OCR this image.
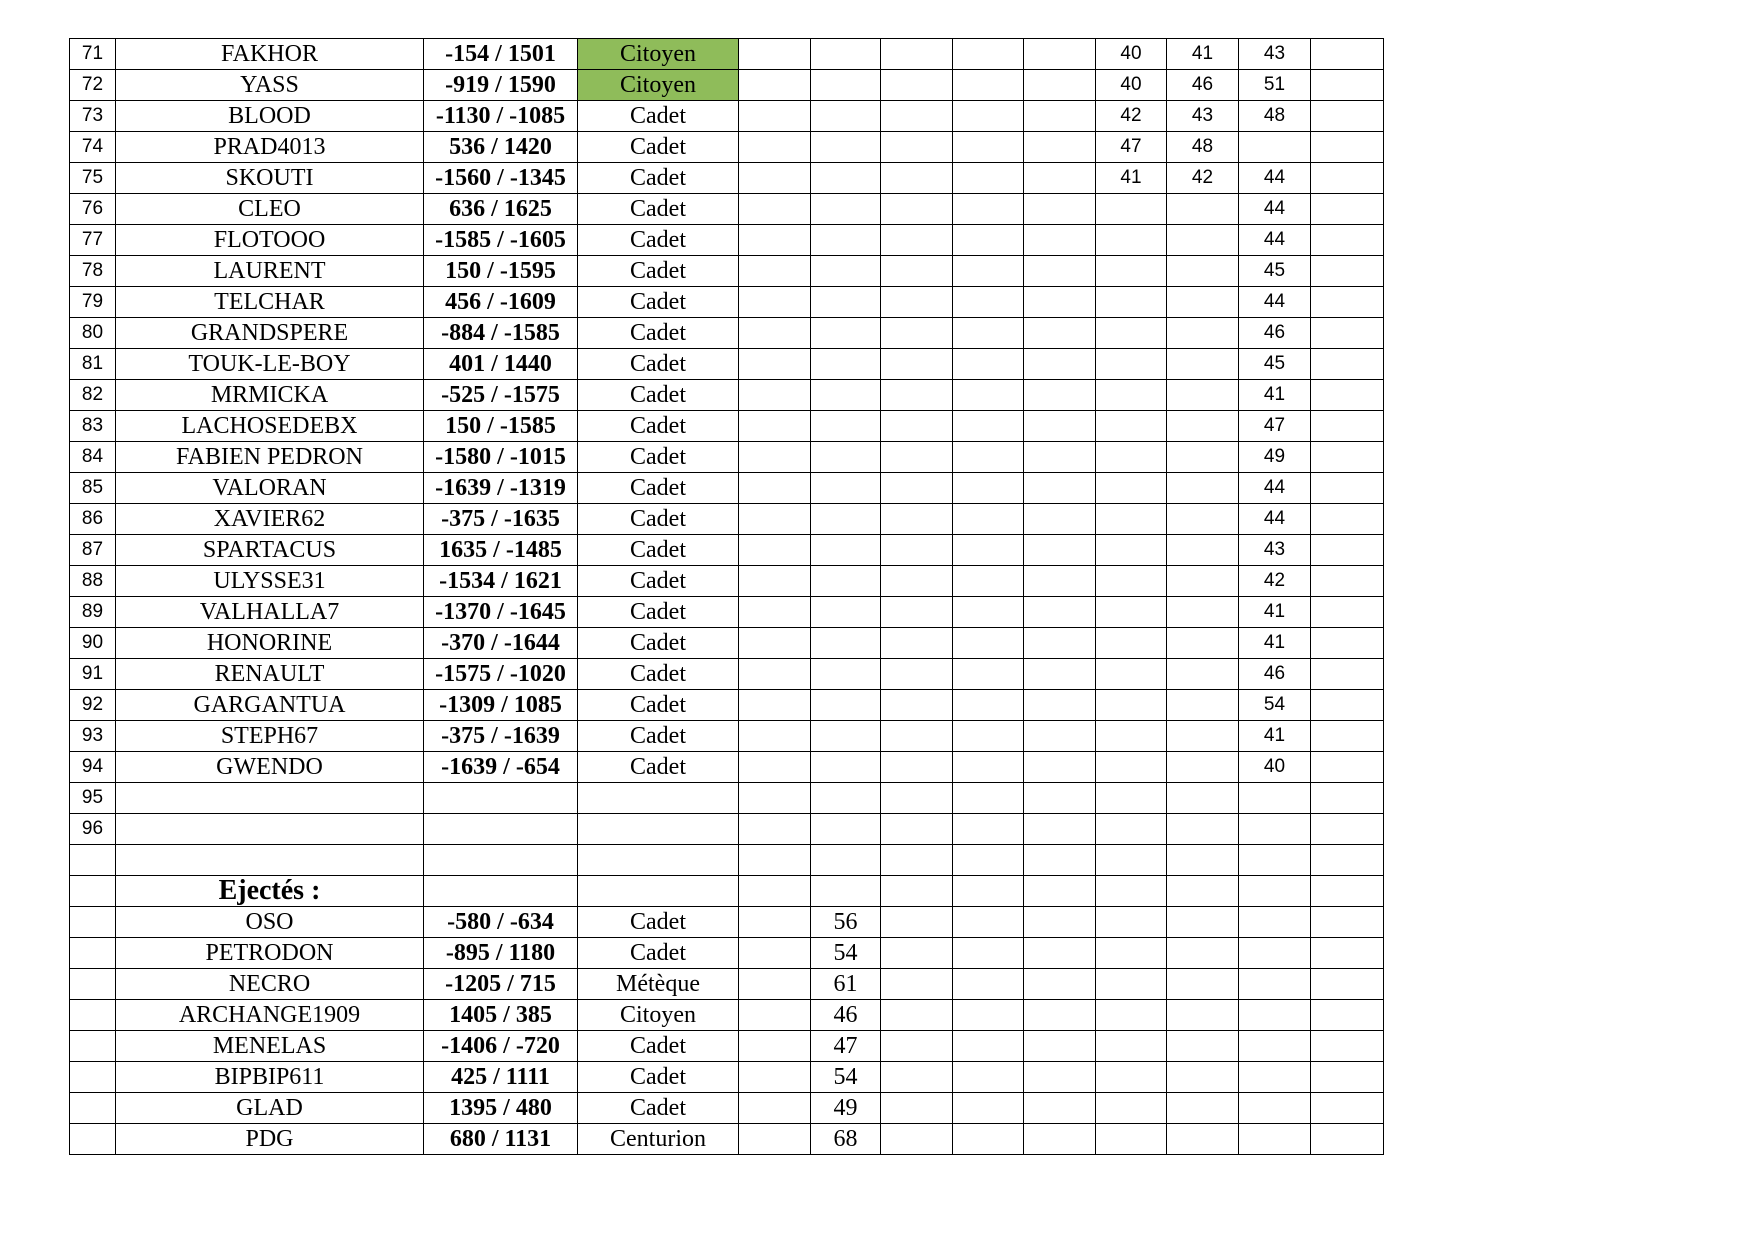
71	FAKHOR	-154 / 1501	Citoyen						40	41	43	
72	YASS	-919 / 1590	Citoyen						40	46	51	
73	BLOOD	-1130 / -1085	Cadet						42	43	48	
74	PRAD4013	536 / 1420	Cadet						47	48		
75	SKOUTI	-1560 / -1345	Cadet						41	42	44	
76	CLEO	636 / 1625	Cadet								44	
77	FLOTOOO	-1585 / -1605	Cadet								44	
78	LAURENT	150 / -1595	Cadet								45	
79	TELCHAR	456 / -1609	Cadet								44	
80	GRANDSPERE	-884 / -1585	Cadet								46	
81	TOUK-LE-BOY	401 / 1440	Cadet								45	
82	MRMICKA	-525 / -1575	Cadet								41	
83	LACHOSEDEBX	150 / -1585	Cadet								47	
84	FABIEN PEDRON	-1580 / -1015	Cadet								49	
85	VALORAN	-1639 / -1319	Cadet								44	
86	XAVIER62	-375 / -1635	Cadet								44	
87	SPARTACUS	1635 / -1485	Cadet								43	
88	ULYSSE31	-1534 / 1621	Cadet								42	
89	VALHALLA7	-1370 / -1645	Cadet								41	
90	HONORINE	-370 / -1644	Cadet								41	
91	RENAULT	-1575 / -1020	Cadet								46	
92	GARGANTUA	-1309 / 1085	Cadet								54	
93	STEPH67	-375 / -1639	Cadet								41	
94	GWENDO	-1639 / -654	Cadet								40	
95												
96												

	Ejectés :											
	OSO	-580 / -634	Cadet		56							
	PETRODON	-895 / 1180	Cadet		54							
	NECRO	-1205 / 715	Métèque		61							
	ARCHANGE1909	1405 / 385	Citoyen		46							
	MENELAS	-1406 / -720	Cadet		47							
	BIPBIP611	425 / 1111	Cadet		54							
	GLAD	1395 / 480	Cadet		49							
	PDG	680 / 1131	Centurion		68							
